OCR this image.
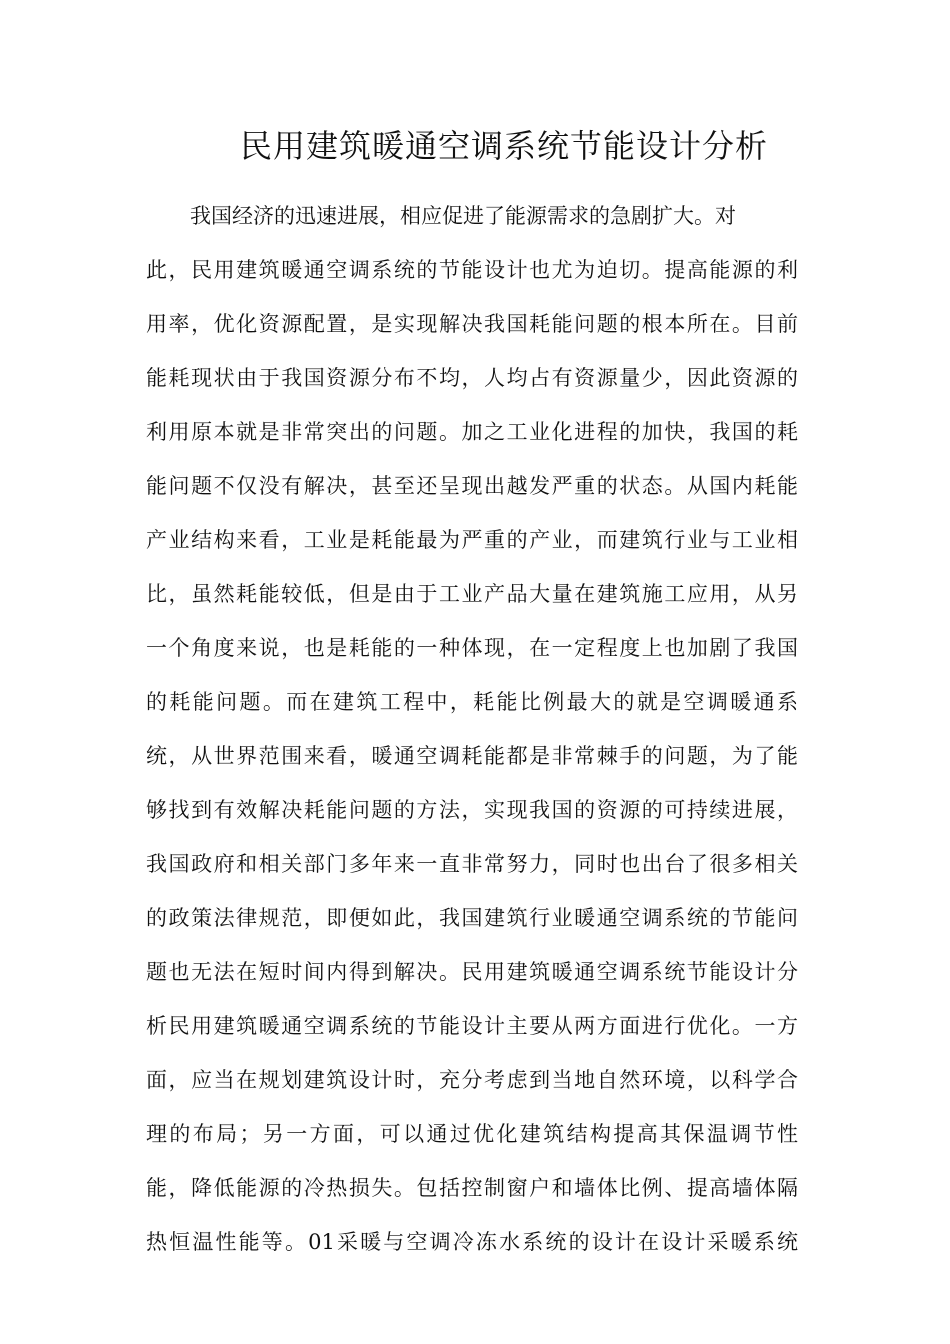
民用建筑暖通空调系统节能设计分析
我国经济的迅速进展，相应促进了能源需求的急剧扩大。对
此，民用建筑暖通空调系统的节能设计也尤为迫切。提高能源的利
用率，优化资源配置，是实现解决我国耗能问题的根本所在。目前
能耗现状由于我国资源分布不均，人均占有资源量少，因此资源的
利用原本就是非常突出的问题。加之工业化进程的加快，我国的耗
能问题不仅没有解决，甚至还呈现出越发严重的状态。从国内耗能
产业结构来看，工业是耗能最为严重的产业，而建筑行业与工业相
比，虽然耗能较低，但是由于工业产品大量在建筑施工应用，从另
一个角度来说，也是耗能的一种体现，在一定程度上也加剧了我国
的耗能问题。而在建筑工程中，耗能比例最大的就是空调暖通系
统，从世界范围来看，暖通空调耗能都是非常棘手的问题，为了能
够找到有效解决耗能问题的方法，实现我国的资源的可持续进展，
我国政府和相关部门多年来一直非常努力，同时也出台了很多相关
的政策法律规范，即便如此，我国建筑行业暖通空调系统的节能问
题也无法在短时间内得到解决。民用建筑暖通空调系统节能设计分
析民用建筑暖通空调系统的节能设计主要从两方面进行优化。一方
面，应当在规划建筑设计时，充分考虑到当地自然环境，以科学合
理的布局；另一方面，可以通过优化建筑结构提高其保温调节性
能，降低能源的冷热损失。包括控制窗户和墙体比例、提高墙体隔
热恒温性能等。01采暖与空调冷冻水系统的设计在设计采暖系统
